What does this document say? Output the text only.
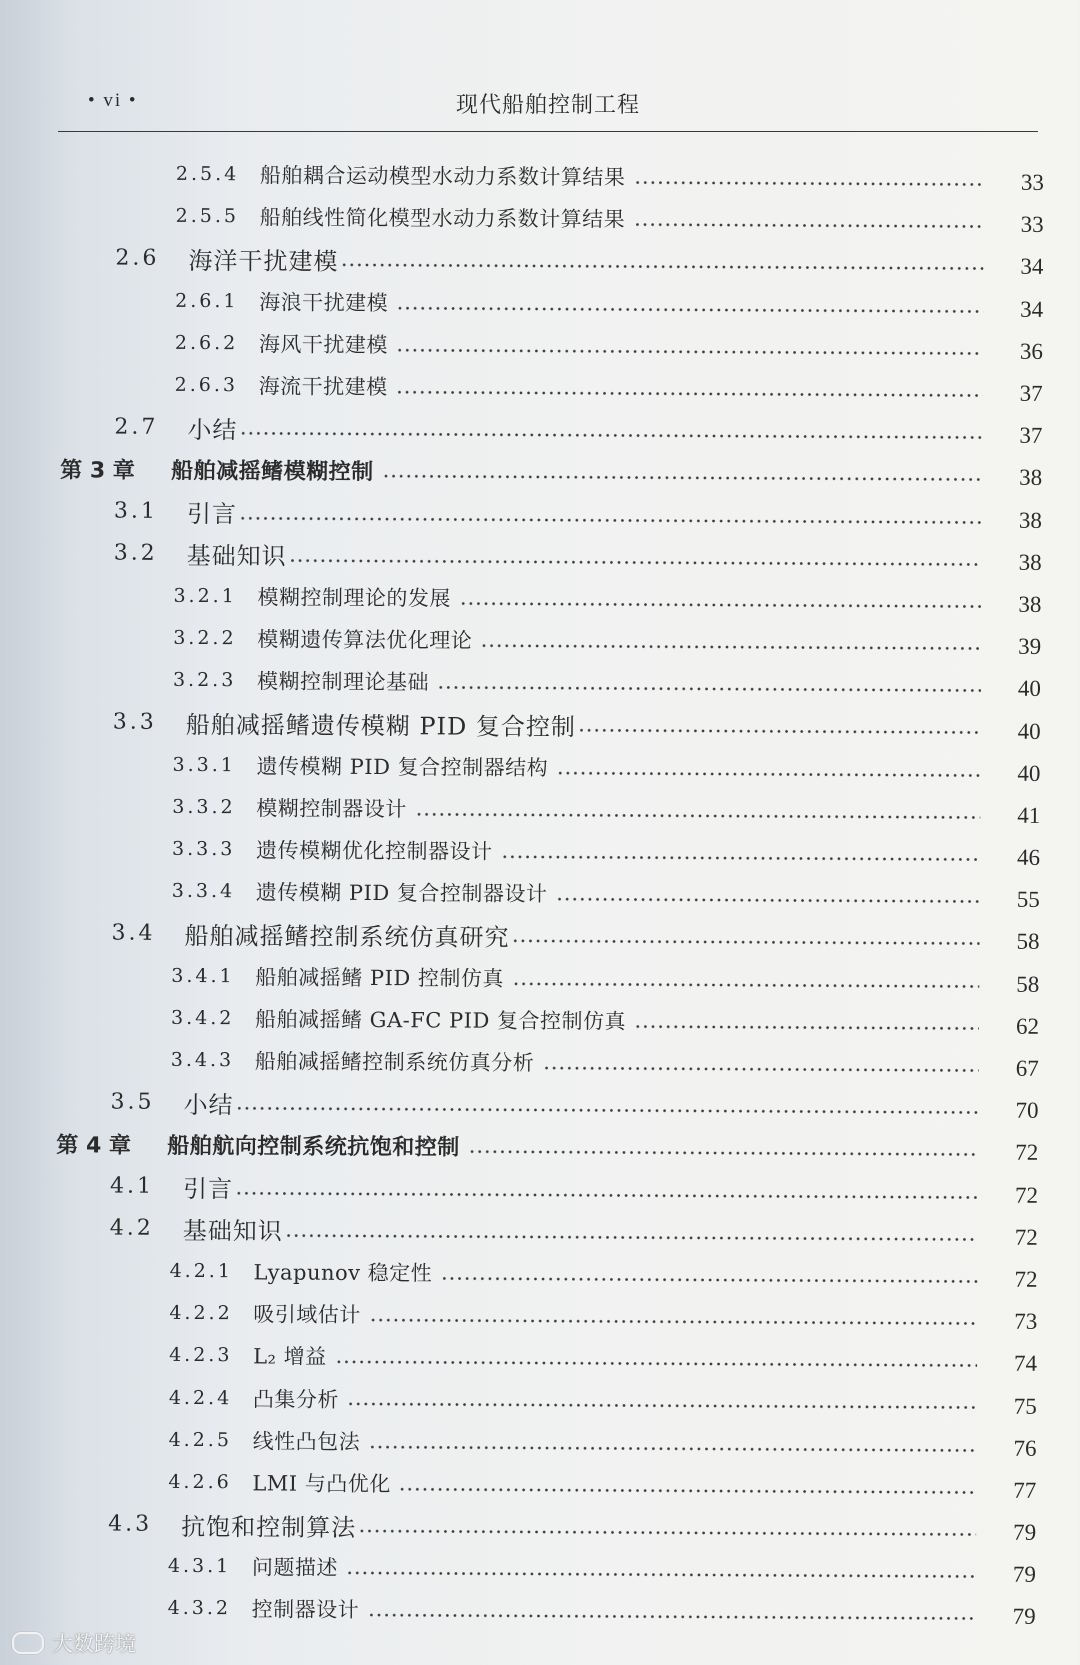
• vi •	现代船舶控制工程
2.5.4 船舶耦合运动模型水动力系数计算结果	33
2.5.5 船舶线性简化模型水动力系数计算结果	33
2.6	海洋干扰建模	34
2.6.1 海浪干扰建模	34
2.6.2 海风干扰建模	36
2.6.3 海流干扰建模	37
2.7	小结	37
第 3 章	船舶减摇鳍模糊控制	38
3.1	引言	38
3.2	基础知识	38
3.2.1 模糊控制理论的发展	38
3.2.2 模糊遗传算法优化理论	39
3.2.3 模糊控制理论基础	40
3.3	船舶减摇鳍遗传模糊 PID 复合控制	40
3.3.1 遗传模糊 PID 复合控制器结构	40
3.3.2 模糊控制器设计	41
3.3.3 遗传模糊优化控制器设计	46
3.3.4 遗传模糊 PID 复合控制器设计	55
3.4	船舶减摇鳍控制系统仿真研究	58
3.4.1 船舶减摇鳍 PID 控制仿真	58
3.4.2 船舶减摇鳍 GA-FC PID 复合控制仿真	62
3.4.3 船舶减摇鳍控制系统仿真分析	67
3.5	小结	70
第 4 章	船舶航向控制系统抗饱和控制	72
4.1	引言	72
4.2	基础知识	72
4.2.1 Lyapunov 稳定性	72
4.2.2 吸引域估计	73
4.2.3 L₂ 增益	74
4.2.4 凸集分析	75
4.2.5 线性凸包法	76
4.2.6 LMI 与凸优化	77
4.3	抗饱和控制算法	79
4.3.1 问题描述	79
4.3.2 控制器设计	79
大数跨境
